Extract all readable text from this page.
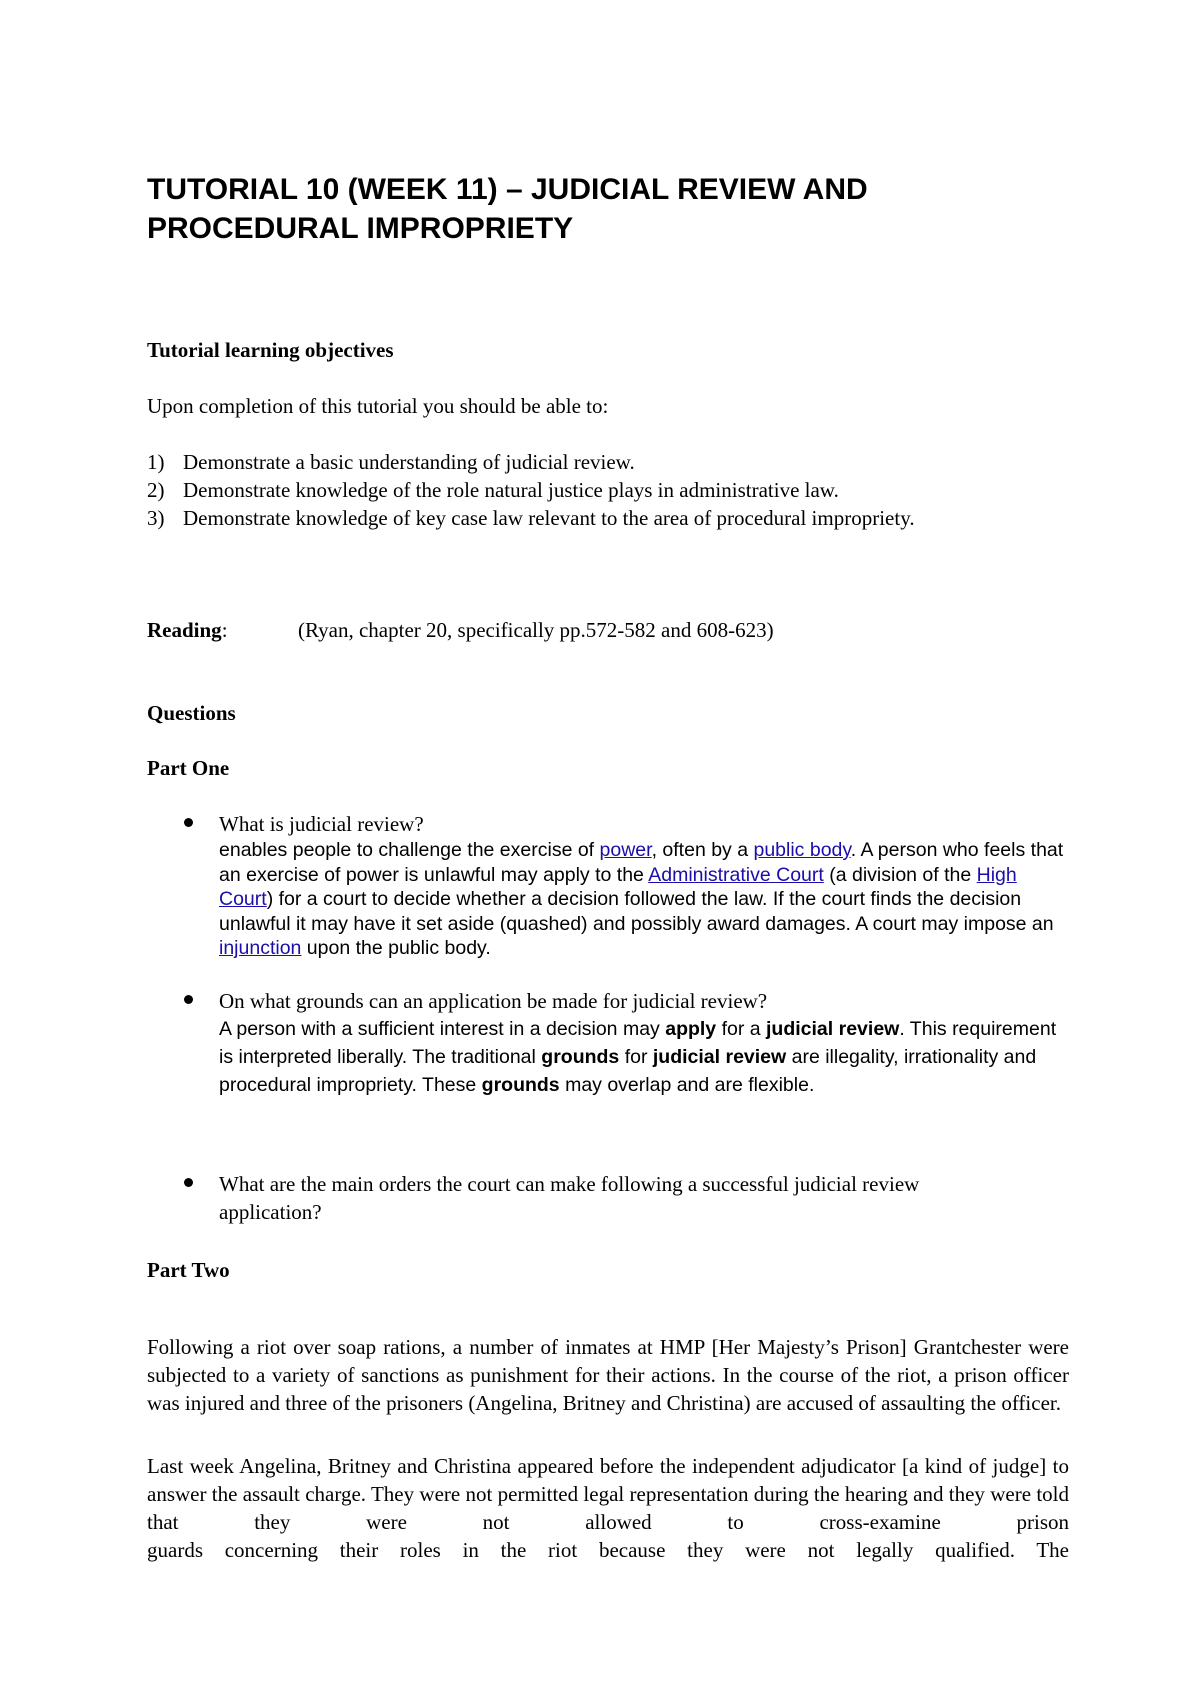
TUTORIAL 10 (WEEK 11) – JUDICIAL REVIEW AND
PROCEDURAL IMPROPRIETY

Tutorial learning objectives

Upon completion of this tutorial you should be able to:

1) Demonstrate a basic understanding of judicial review.
2) Demonstrate knowledge of the role natural justice plays in administrative law.
3) Demonstrate knowledge of key case law relevant to the area of procedural impropriety.

Reading:	(Ryan, chapter 20, specifically pp.572-582 and 608-623)

Questions

Part One

What is judicial review?
enables people to challenge the exercise of power, often by a public body. A person who feels that an exercise of power is unlawful may apply to the Administrative Court (a division of the High Court) for a court to decide whether a decision followed the law. If the court finds the decision unlawful it may have it set aside (quashed) and possibly award damages. A court may impose an injunction upon the public body.
On what grounds can an application be made for judicial review?
A person with a sufficient interest in a decision may apply for a judicial review. This requirement is interpreted liberally. The traditional grounds for judicial review are illegality, irrationality and procedural impropriety. These grounds may overlap and are flexible.
What are the main orders the court can make following a successful judicial review
application?

Part Two

Following a riot over soap rations, a number of inmates at HMP [Her Majesty’s Prison] Grantchester were subjected to a variety of sanctions as punishment for their actions. In the course of the riot, a prison officer was injured and three of the prisoners (Angelina, Britney and Christina) are accused of assaulting the officer.

Last week Angelina, Britney and Christina appeared before the independent adjudicator [a kind of judge] to answer the assault charge. They were not permitted legal representation during the hearing and they were told that they were not allowed to cross-examine prison
guards concerning their roles in the riot because they were not legally qualified. The
